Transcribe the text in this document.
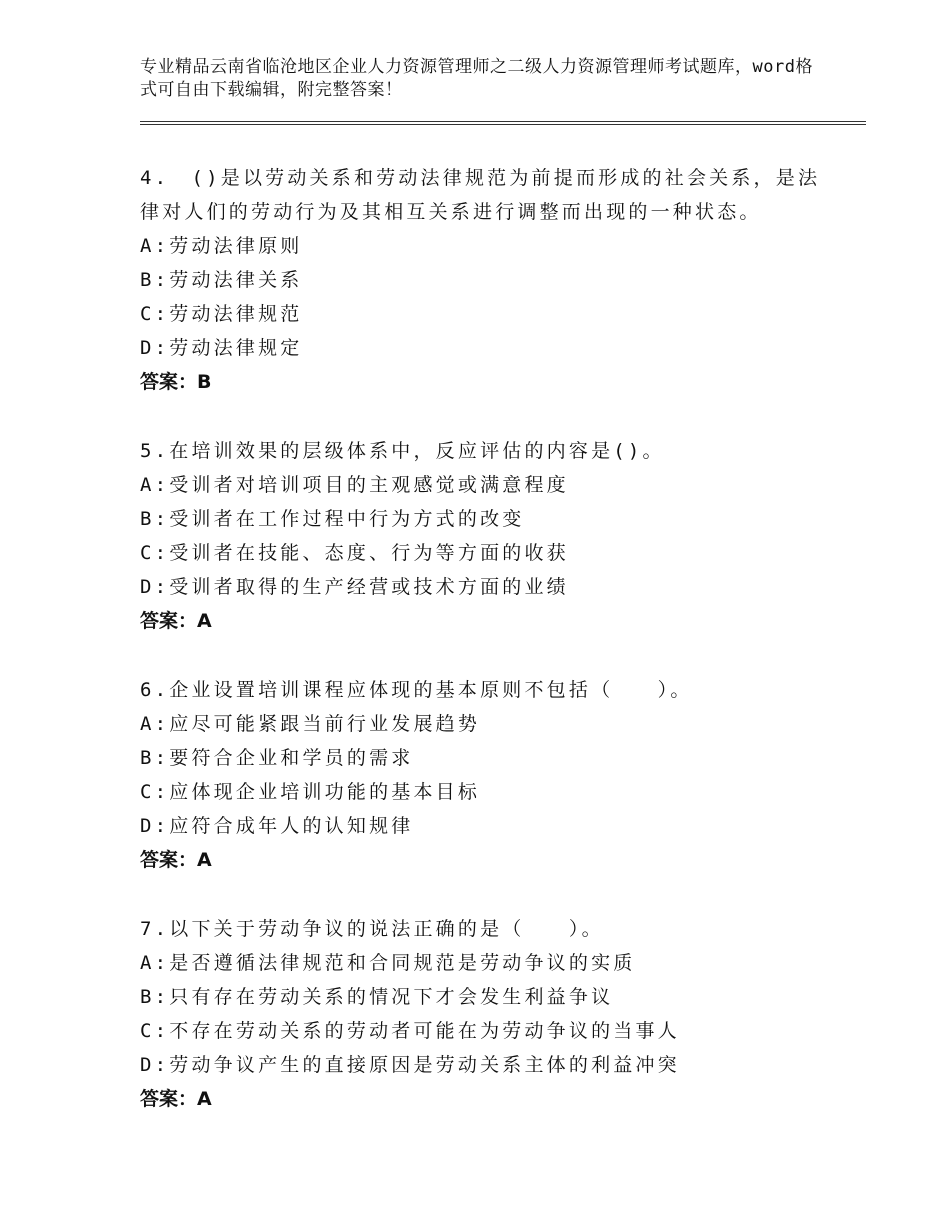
专业精品云南省临沧地区企业人力资源管理师之二级人力资源管理师考试题库，word格式可自由下载编辑，附完整答案！

4.　()是以劳动关系和劳动法律规范为前提而形成的社会关系，是法律对人们的劳动行为及其相互关系进行调整而出现的一种状态。

A:劳动法律原则

B:劳动法律关系

C:劳动法律规范

D:劳动法律规定

答案：B

5.在培训效果的层级体系中，反应评估的内容是()。

A:受训者对培训项目的主观感觉或满意程度

B:受训者在工作过程中行为方式的改变

C:受训者在技能、态度、行为等方面的收获

D:受训者取得的生产经营或技术方面的业绩

答案：A

6.企业设置培训课程应体现的基本原则不包括（　　）。

A:应尽可能紧跟当前行业发展趋势

B:要符合企业和学员的需求

C:应体现企业培训功能的基本目标

D:应符合成年人的认知规律

答案：A

7.以下关于劳动争议的说法正确的是（　　）。

A:是否遵循法律规范和合同规范是劳动争议的实质

B:只有存在劳动关系的情况下才会发生利益争议

C:不存在劳动关系的劳动者可能在为劳动争议的当事人

D:劳动争议产生的直接原因是劳动关系主体的利益冲突

答案：A
